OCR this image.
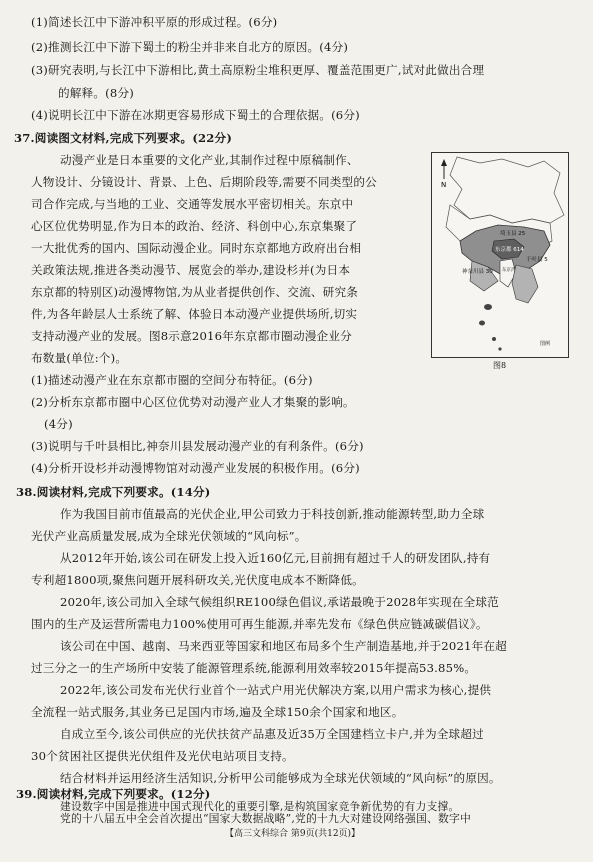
(1)简述长江中下游冲积平原的形成过程。(6分)
(2)推测长江中下游下蜀土的粉尘并非来自北方的原因。(4分)
(3)研究表明,与长江中下游相比,黄土高原粉尘堆积更厚、覆盖范围更广,试对此做出合理
的解释。(8分)
(4)说明长江中下游在冰期更容易形成下蜀土的合理依据。(6分)
37.阅读图文材料,完成下列要求。(22分)
动漫产业是日本重要的文化产业,其制作过程中原稿制作、
人物设计、分镜设计、背景、上色、后期阶段等,需要不同类型的公
司合作完成,与当地的工业、交通等发展水平密切相关。东京中
心区位优势明显,作为日本的政治、经济、科创中心,东京集聚了
一大批优秀的国内、国际动漫企业。同时东京都地方政府出台相
关政策法规,推进各类动漫节、展览会的举办,建设杉并(为日本
东京都的特别区)动漫博物馆,为从业者提供创作、交流、研究条
件,为各年龄层人士系统了解、体验日本动漫产业提供场所,切实
支持动漫产业的发展。图8示意2016年东京都市圈动漫企业分
布数量(单位:个)。
(1)描述动漫产业在东京都市圈的空间分布特征。(6分)
(2)分析东京都市圈中心区位优势对动漫产业人才集聚的影响。
(4分)
(3)说明与千叶县相比,神奈川县发展动漫产业的有利条件。(6分)
(4)分析开设杉并动漫博物馆对动漫产业发展的积极作用。(6分)
N
埼玉县 25
东京都 614
神奈川县 30
千叶县 5
东京湾
图例
图8
38.阅读材料,完成下列要求。(14分)
作为我国目前市值最高的光伏企业,甲公司致力于科技创新,推动能源转型,助力全球
光伏产业高质量发展,成为全球光伏领域的“风向标”。
从2012年开始,该公司在研发上投入近160亿元,目前拥有超过千人的研发团队,持有
专利超1800项,聚焦问题开展科研攻关,光伏度电成本不断降低。
2020年,该公司加入全球气候组织RE100绿色倡议,承诺最晚于2028年实现在全球范
围内的生产及运营所需电力100%使用可再生能源,并率先发布《绿色供应链减碳倡议》。
该公司在中国、越南、马来西亚等国家和地区布局多个生产制造基地,并于2021年在超
过三分之一的生产场所中安装了能源管理系统,能源利用效率较2015年提高53.85%。
2022年,该公司发布光伏行业首个一站式户用光伏解决方案,以用户需求为核心,提供
全流程一站式服务,其业务已足国内市场,遍及全球150余个国家和地区。
自成立至今,该公司供应的光伏扶贫产品惠及近35万全国建档立卡户,并为全球超过
30个贫困社区提供光伏组件及光伏电站项目支持。
结合材料并运用经济生活知识,分析甲公司能够成为全球光伏领域的“风向标”的原因。
39.阅读材料,完成下列要求。(12分)
建设数字中国是推进中国式现代化的重要引擎,是构筑国家竞争新优势的有力支撑。
党的十八届五中全会首次提出“国家大数据战略”,党的十九大对建设网络强国、数字中
【高三文科综合 第9页(共12页)】
